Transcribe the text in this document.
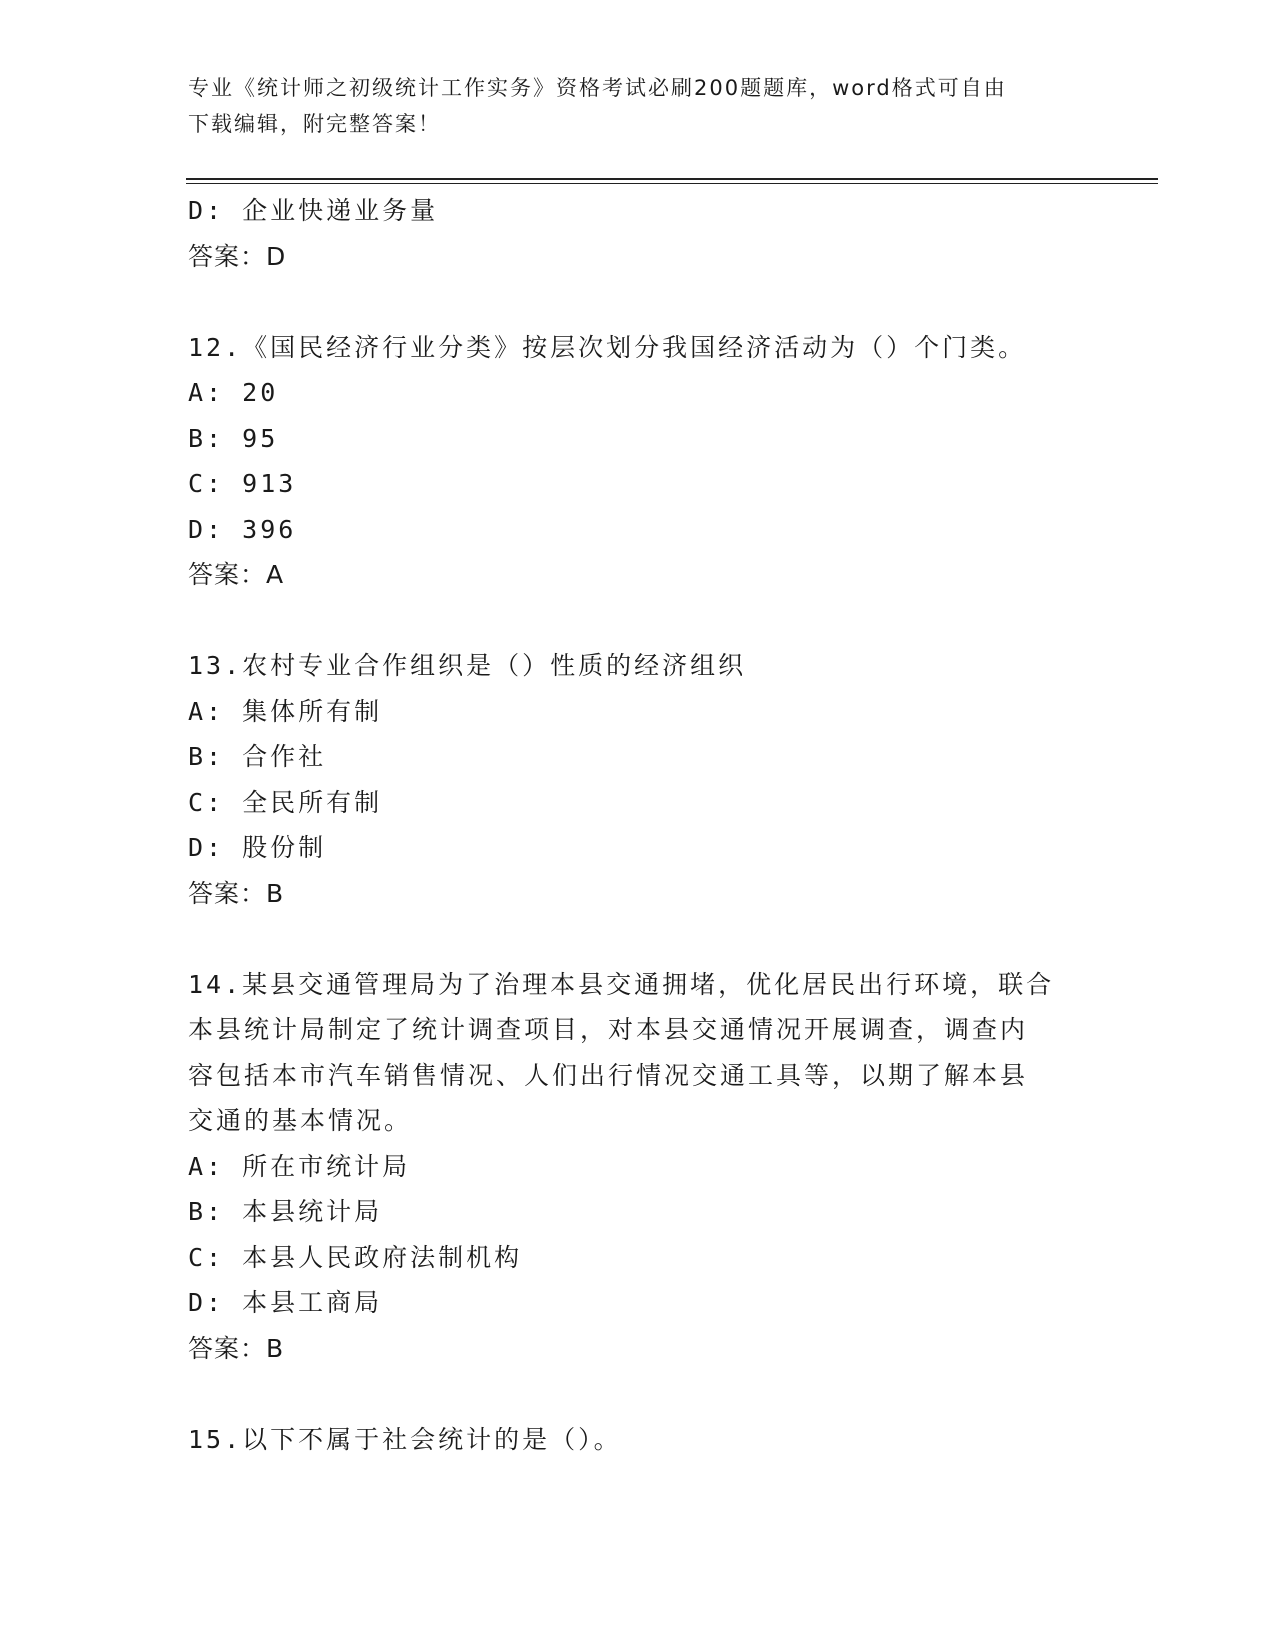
专业《统计师之初级统计工作实务》资格考试必刷200题题库，word格式可自由
下载编辑，附完整答案！
D: 企业快递业务量
答案：D
12.《国民经济行业分类》按层次划分我国经济活动为（）个门类。
A: 20
B: 95
C: 913
D: 396
答案：A
13.农村专业合作组织是（）性质的经济组织
A: 集体所有制
B: 合作社
C: 全民所有制
D: 股份制
答案：B
14.某县交通管理局为了治理本县交通拥堵，优化居民出行环境，联合
本县统计局制定了统计调查项目，对本县交通情况开展调查，调查内
容包括本市汽车销售情况、人们出行情况交通工具等，以期了解本县
交通的基本情况。
A: 所在市统计局
B: 本县统计局
C: 本县人民政府法制机构
D: 本县工商局
答案：B
15.以下不属于社会统计的是（）。
